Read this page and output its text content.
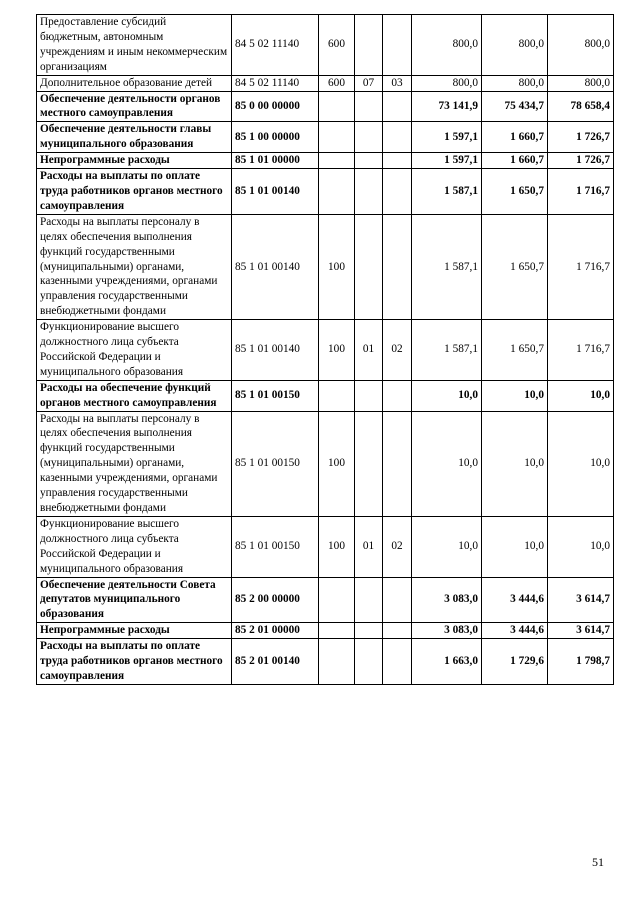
Предоставление субсидий бюджетным, автономным учреждениям и иным некоммерческим организациям	84 5 02 11140	600			800,0	800,0	800,0
Дополнительное образование детей	84 5 02 11140	600	07	03	800,0	800,0	800,0
Обеспечение деятельности органов местного самоуправления	85 0 00 00000				73 141,9	75 434,7	78 658,4
Обеспечение деятельности главы муниципального образования	85 1 00 00000				1 597,1	1 660,7	1 726,7
Непрограммные расходы	85 1 01 00000				1 597,1	1 660,7	1 726,7
Расходы на выплаты по оплате труда работников органов местного самоуправления	85 1 01 00140				1 587,1	1 650,7	1 716,7
Расходы на выплаты персоналу в целях обеспечения выполнения функций государственными (муниципальными) органами, казенными учреждениями, органами управления государственными внебюджетными фондами	85 1 01 00140	100			1 587,1	1 650,7	1 716,7
Функционирование высшего должностного лица субъекта Российской Федерации и муниципального образования	85 1 01 00140	100	01	02	1 587,1	1 650,7	1 716,7
Расходы на обеспечение функций органов местного самоуправления	85 1 01 00150				10,0	10,0	10,0
Расходы на выплаты персоналу в целях обеспечения выполнения функций государственными (муниципальными) органами, казенными учреждениями, органами управления государственными внебюджетными фондами	85 1 01 00150	100			10,0	10,0	10,0
Функционирование высшего должностного лица субъекта Российской Федерации и муниципального образования	85 1 01 00150	100	01	02	10,0	10,0	10,0
Обеспечение деятельности Совета депутатов муниципального образования	85 2 00 00000				3 083,0	3 444,6	3 614,7
Непрограммные расходы	85 2 01 00000				3 083,0	3 444,6	3 614,7
Расходы на выплаты по оплате труда работников органов местного самоуправления	85 2 01 00140				1 663,0	1 729,6	1 798,7
51
